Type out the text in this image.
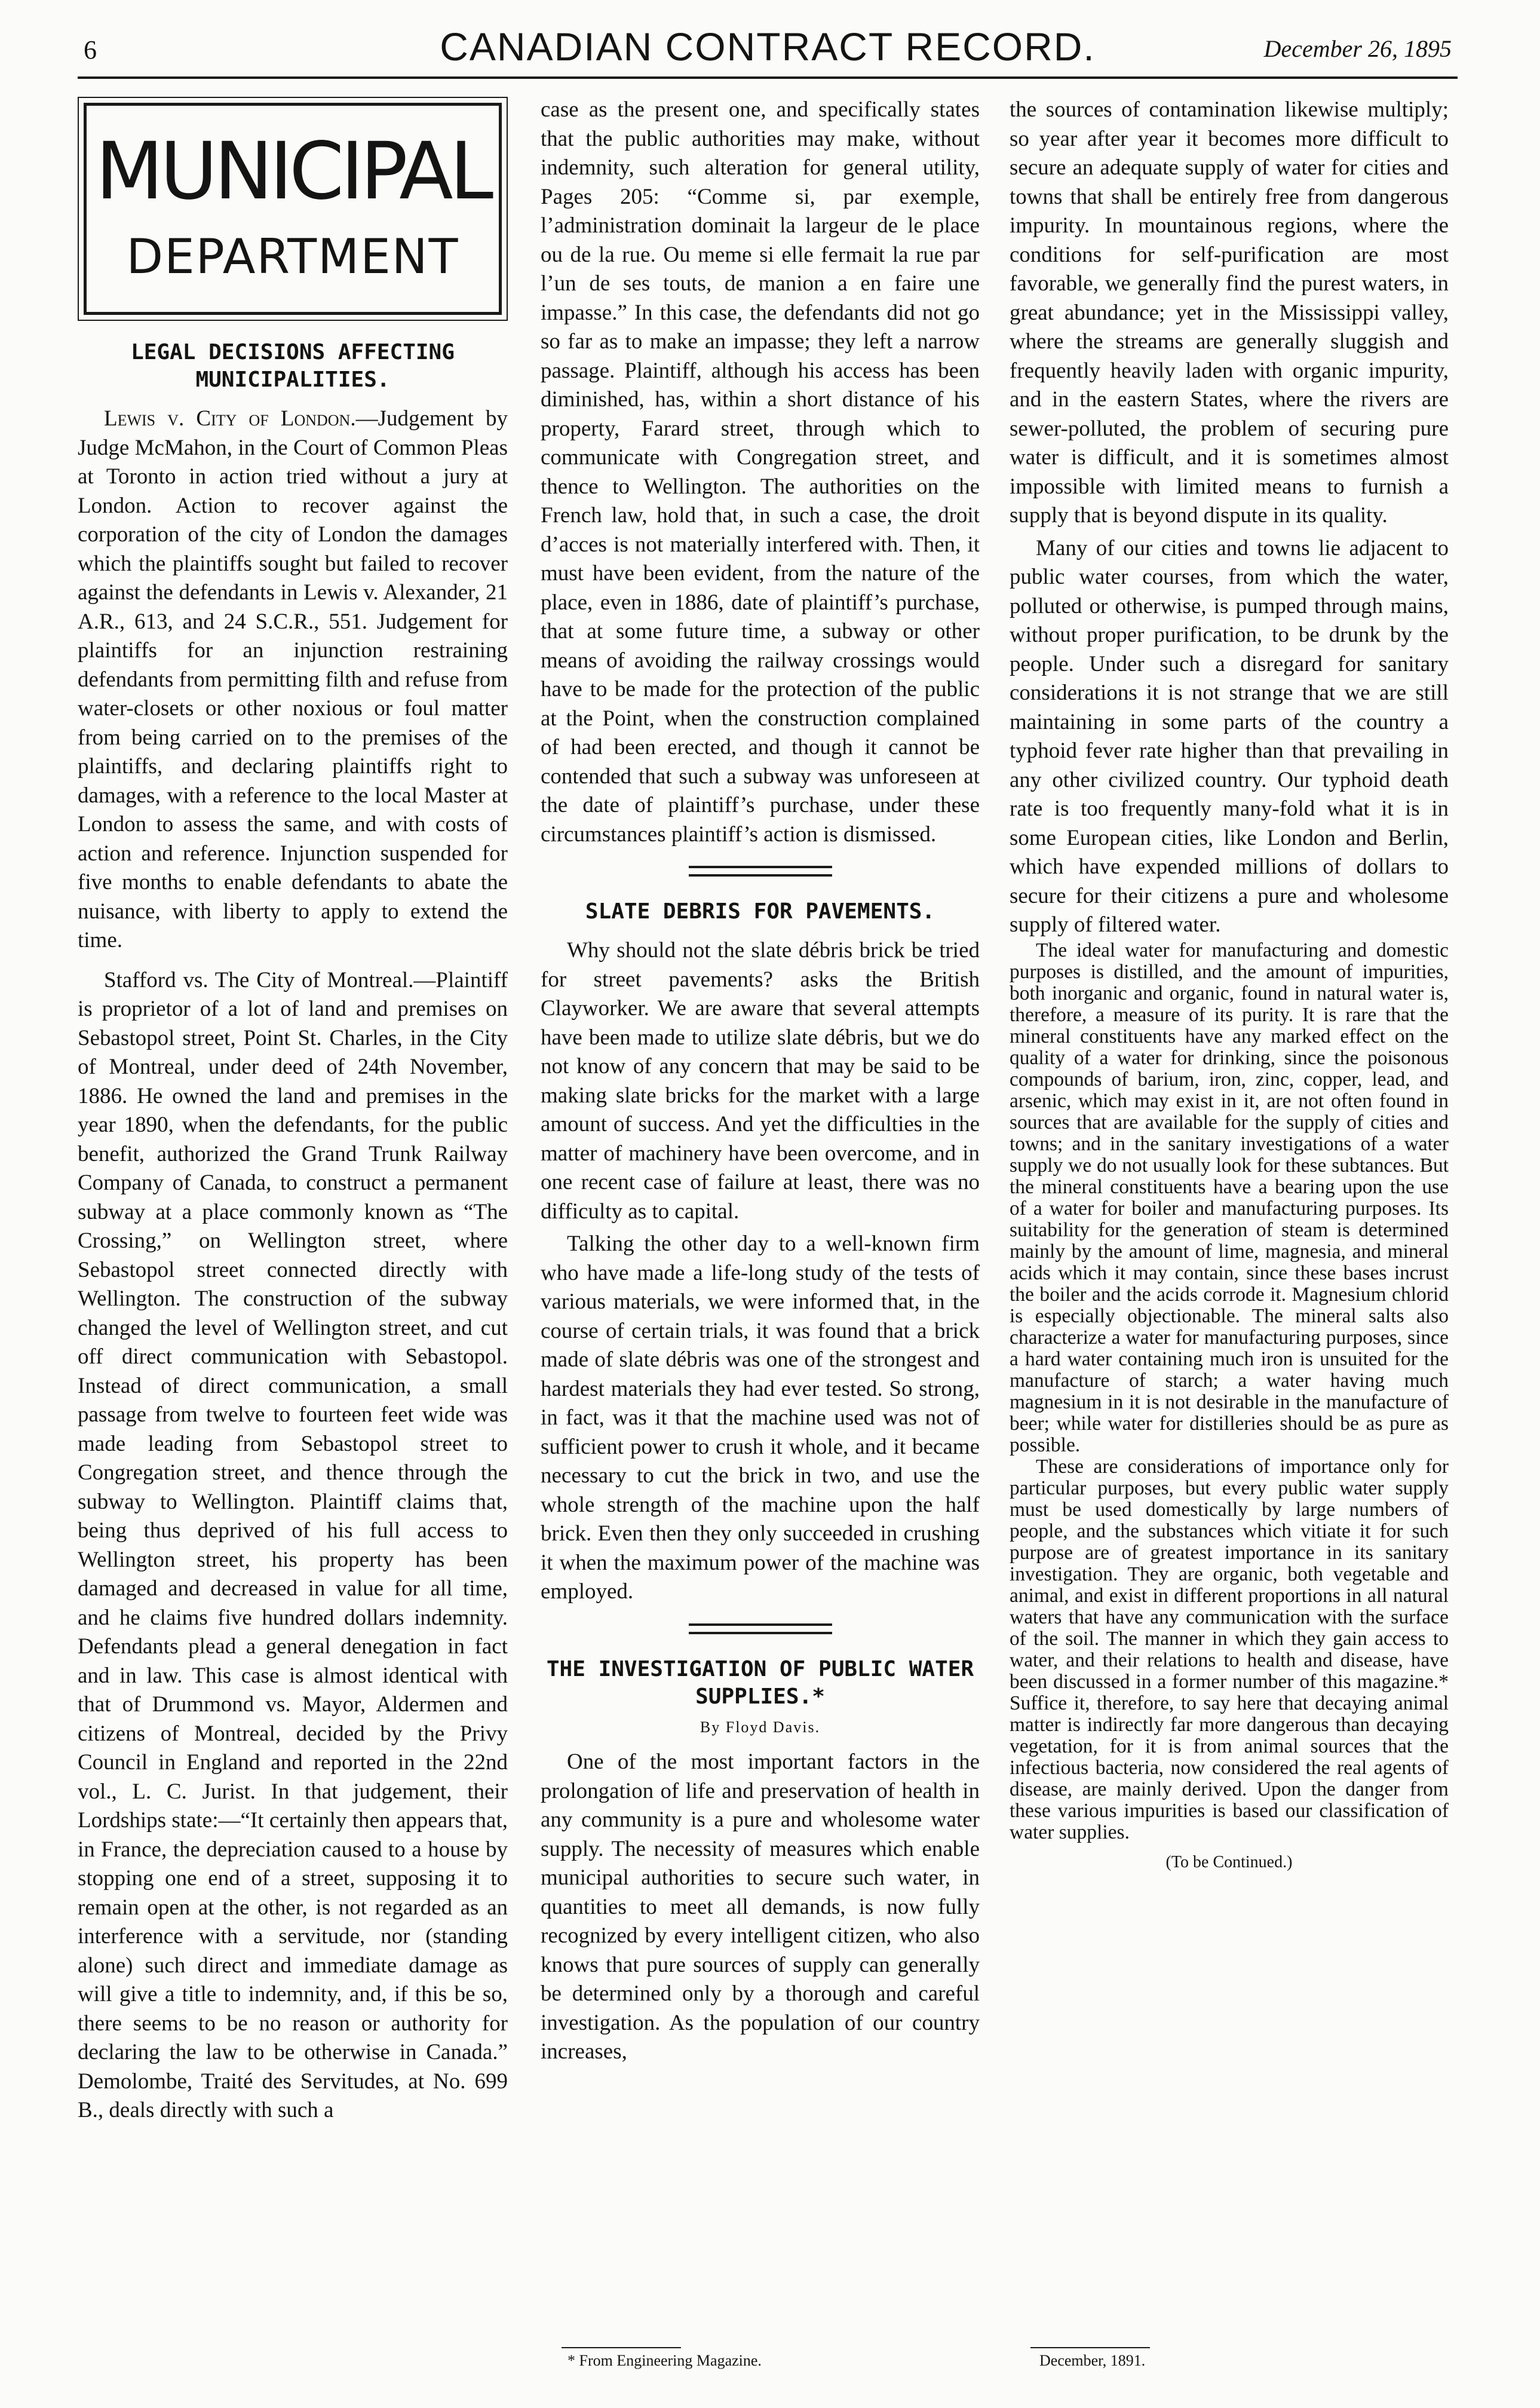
6	CANADIAN CONTRACT RECORD.	December 26, 1895
MUNICIPAL
DEPARTMENT
LEGAL DECISIONS AFFECTING MUNICIPALITIES.

Lewis v. City of London.—Judgement by Judge McMahon, in the Court of Common Pleas at Toronto in action tried without a jury at London. Action to recover against the corporation of the city of London the damages which the plaintiffs sought but failed to recover against the defendants in Lewis v. Alexander, 21 A.R., 613, and 24 S.C.R., 551. Judgement for plaintiffs for an injunction restraining defendants from permitting filth and refuse from water-closets or other noxious or foul matter from being carried on to the premises of the plaintiffs, and declaring plaintiffs right to damages, with a reference to the local Master at London to assess the same, and with costs of action and reference. Injunction suspended for five months to enable defendants to abate the nuisance, with liberty to apply to extend the time.

Stafford vs. The City of Montreal.—Plaintiff is proprietor of a lot of land and premises on Sebastopol street, Point St. Charles, in the City of Montreal, under deed of 24th November, 1886. He owned the land and premises in the year 1890, when the defendants, for the public benefit, authorized the Grand Trunk Railway Company of Canada, to construct a permanent subway at a place commonly known as “The Crossing,” on Wellington street, where Sebastopol street connected directly with Wellington. The construction of the subway changed the level of Wellington street, and cut off direct communication with Sebastopol. Instead of direct communication, a small passage from twelve to fourteen feet wide was made leading from Sebastopol street to Congregation street, and thence through the subway to Wellington. Plaintiff claims that, being thus deprived of his full access to Wellington street, his property has been damaged and decreased in value for all time, and he claims five hundred dollars indemnity. Defendants plead a general denegation in fact and in law. This case is almost identical with that of Drummond vs. Mayor, Aldermen and citizens of Montreal, decided by the Privy Council in England and reported in the 22nd vol., L. C. Jurist. In that judgement, their Lordships state:—“It certainly then appears that, in France, the depreciation caused to a house by stopping one end of a street, supposing it to remain open at the other, is not regarded as an interference with a servitude, nor (standing alone) such direct and immediate damage as will give a title to indemnity, and, if this be so, there seems to be no reason or authority for declaring the law to be otherwise in Canada.” Demolombe, Traité des Servitudes, at No. 699 B., deals directly with such a

case as the present one, and specifically states that the public authorities may make, without indemnity, such alteration for general utility, Pages 205: “Comme si, par exemple, l’administration dominait la largeur de le place ou de la rue. Ou meme si elle fermait la rue par l’un de ses touts, de manion a en faire une impasse.” In this case, the defendants did not go so far as to make an impasse; they left a narrow passage. Plaintiff, although his access has been diminished, has, within a short distance of his property, Farard street, through which to communicate with Congregation street, and thence to Wellington. The authorities on the French law, hold that, in such a case, the droit d’acces is not materially interfered with. Then, it must have been evident, from the nature of the place, even in 1886, date of plaintiff’s purchase, that at some future time, a subway or other means of avoiding the railway crossings would have to be made for the protection of the public at the Point, when the construction complained of had been erected, and though it cannot be contended that such a subway was unforeseen at the date of plaintiff’s purchase, under these circumstances plaintiff’s action is dismissed.

SLATE DEBRIS FOR PAVEMENTS.

Why should not the slate débris brick be tried for street pavements? asks the British Clayworker. We are aware that several attempts have been made to utilize slate débris, but we do not know of any concern that may be said to be making slate bricks for the market with a large amount of success. And yet the difficulties in the matter of machinery have been overcome, and in one recent case of failure at least, there was no difficulty as to capital.

Talking the other day to a well-known firm who have made a life-long study of the tests of various materials, we were informed that, in the course of certain trials, it was found that a brick made of slate débris was one of the strongest and hardest materials they had ever tested. So strong, in fact, was it that the machine used was not of sufficient power to crush it whole, and it became necessary to cut the brick in two, and use the whole strength of the machine upon the half brick. Even then they only succeeded in crushing it when the maximum power of the machine was employed.

THE INVESTIGATION OF PUBLIC WATER SUPPLIES.*
By Floyd Davis.

One of the most important factors in the prolongation of life and preservation of health in any community is a pure and wholesome water supply. The necessity of measures which enable municipal authorities to secure such water, in quantities to meet all demands, is now fully recognized by every intelligent citizen, who also knows that pure sources of supply can generally be determined only by a thorough and careful investigation. As the population of our country increases,

the sources of contamination likewise multiply; so year after year it becomes more difficult to secure an adequate supply of water for cities and towns that shall be entirely free from dangerous impurity. In mountainous regions, where the conditions for self-purification are most favorable, we generally find the purest waters, in great abundance; yet in the Mississippi valley, where the streams are generally sluggish and frequently heavily laden with organic impurity, and in the eastern States, where the rivers are sewer-polluted, the problem of securing pure water is difficult, and it is sometimes almost impossible with limited means to furnish a supply that is beyond dispute in its quality.

Many of our cities and towns lie adjacent to public water courses, from which the water, polluted or otherwise, is pumped through mains, without proper purification, to be drunk by the people. Under such a disregard for sanitary considerations it is not strange that we are still maintaining in some parts of the country a typhoid fever rate higher than that prevailing in any other civilized country. Our typhoid death rate is too frequently many-fold what it is in some European cities, like London and Berlin, which have expended millions of dollars to secure for their citizens a pure and wholesome supply of filtered water.

The ideal water for manufacturing and domestic purposes is distilled, and the amount of impurities, both inorganic and organic, found in natural water is, therefore, a measure of its purity. It is rare that the mineral constituents have any marked effect on the quality of a water for drinking, since the poisonous compounds of barium, iron, zinc, copper, lead, and arsenic, which may exist in it, are not often found in sources that are available for the supply of cities and towns; and in the sanitary investigations of a water supply we do not usually look for these subtances. But the mineral constituents have a bearing upon the use of a water for boiler and manufacturing purposes. Its suitability for the generation of steam is determined mainly by the amount of lime, magnesia, and mineral acids which it may contain, since these bases incrust the boiler and the acids corrode it. Magnesium chlorid is especially objectionable. The mineral salts also characterize a water for manufacturing purposes, since a hard water containing much iron is unsuited for the manufacture of starch; a water having much magnesium in it is not desirable in the manufacture of beer; while water for distilleries should be as pure as possible.

These are considerations of importance only for particular purposes, but every public water supply must be used domestically by large numbers of people, and the substances which vitiate it for such purpose are of greatest importance in its sanitary investigation. They are organic, both vegetable and animal, and exist in different proportions in all natural waters that have any communication with the surface of the soil. The manner in which they gain access to water, and their relations to health and disease, have been discussed in a former number of this magazine.* Suffice it, therefore, to say here that decaying animal matter is indirectly far more dangerous than decaying vegetation, for it is from animal sources that the infectious bacteria, now considered the real agents of disease, are mainly derived. Upon the danger from these various impurities is based our classification of water supplies.

(To be Continued.)
* From Engineering Magazine.	December, 1891.
